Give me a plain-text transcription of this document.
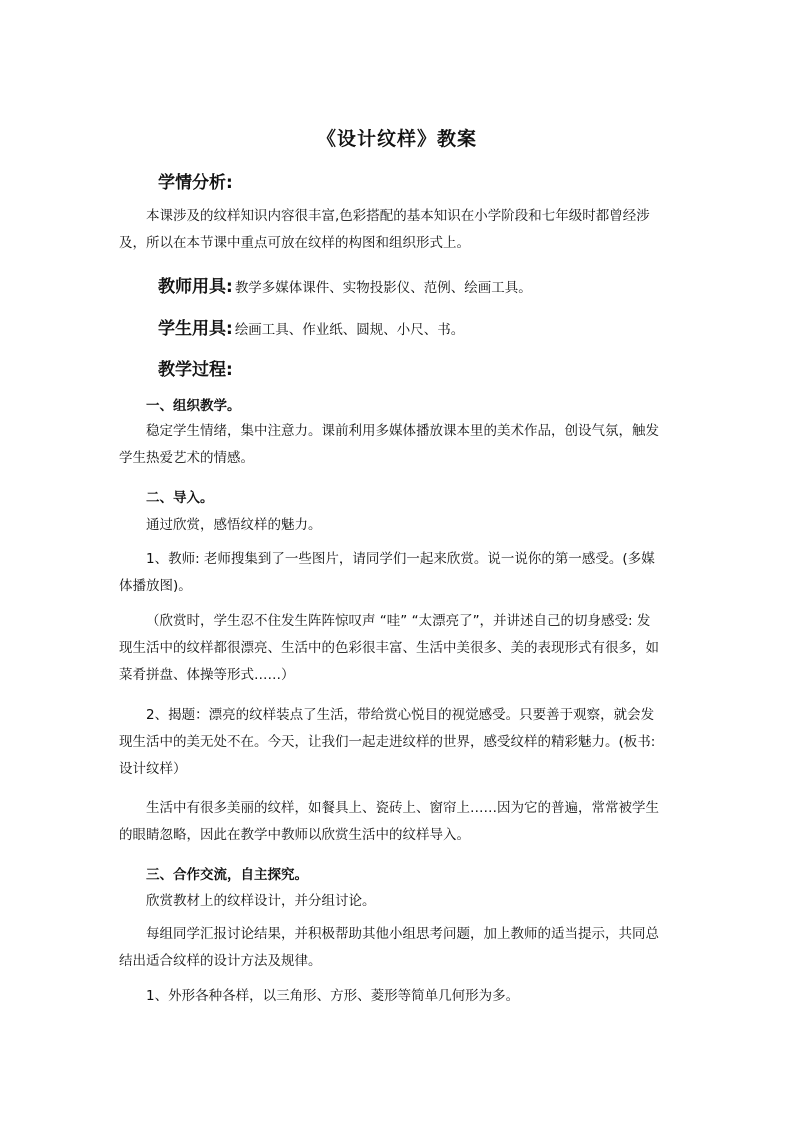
《设计纹样》教案
学情分析:

本课涉及的纹样知识内容很丰富,色彩搭配的基本知识在小学阶段和七年级时都曾经涉
及，所以在本节课中重点可放在纹样的构图和组织形式上。

教师用具: 教学多媒体课件、实物投影仪、范例、绘画工具。
学生用具: 绘画工具、作业纸、圆规、小尺、书。
教学过程:
一、组织教学。

稳定学生情绪，集中注意力。课前利用多媒体播放课本里的美术作品，创设气氛，触发
学生热爱艺术的情感。

二、导入。

通过欣赏，感悟纹样的魅力。

1、教师: 老师搜集到了一些图片，请同学们一起来欣赏。说一说你的第一感受。(多媒
体播放图)。

（欣赏时，学生忍不住发生阵阵惊叹声 “哇” “太漂亮了”，并讲述自己的切身感受: 发
现生活中的纹样都很漂亮、生活中的色彩很丰富、生活中美很多、美的表现形式有很多，如
菜肴拼盘、体操等形式……）

2、揭题：漂亮的纹样装点了生活，带给赏心悦目的视觉感受。只要善于观察，就会发
现生活中的美无处不在。今天，让我们一起走进纹样的世界，感受纹样的精彩魅力。(板书:
设计纹样）

生活中有很多美丽的纹样，如餐具上、瓷砖上、窗帘上……因为它的普遍，常常被学生
的眼睛忽略，因此在教学中教师以欣赏生活中的纹样导入。

三、合作交流，自主探究。

欣赏教材上的纹样设计，并分组讨论。

每组同学汇报讨论结果，并积极帮助其他小组思考问题，加上教师的适当提示，共同总
结出适合纹样的设计方法及规律。

1、外形各种各样，以三角形、方形、菱形等简单几何形为多。
